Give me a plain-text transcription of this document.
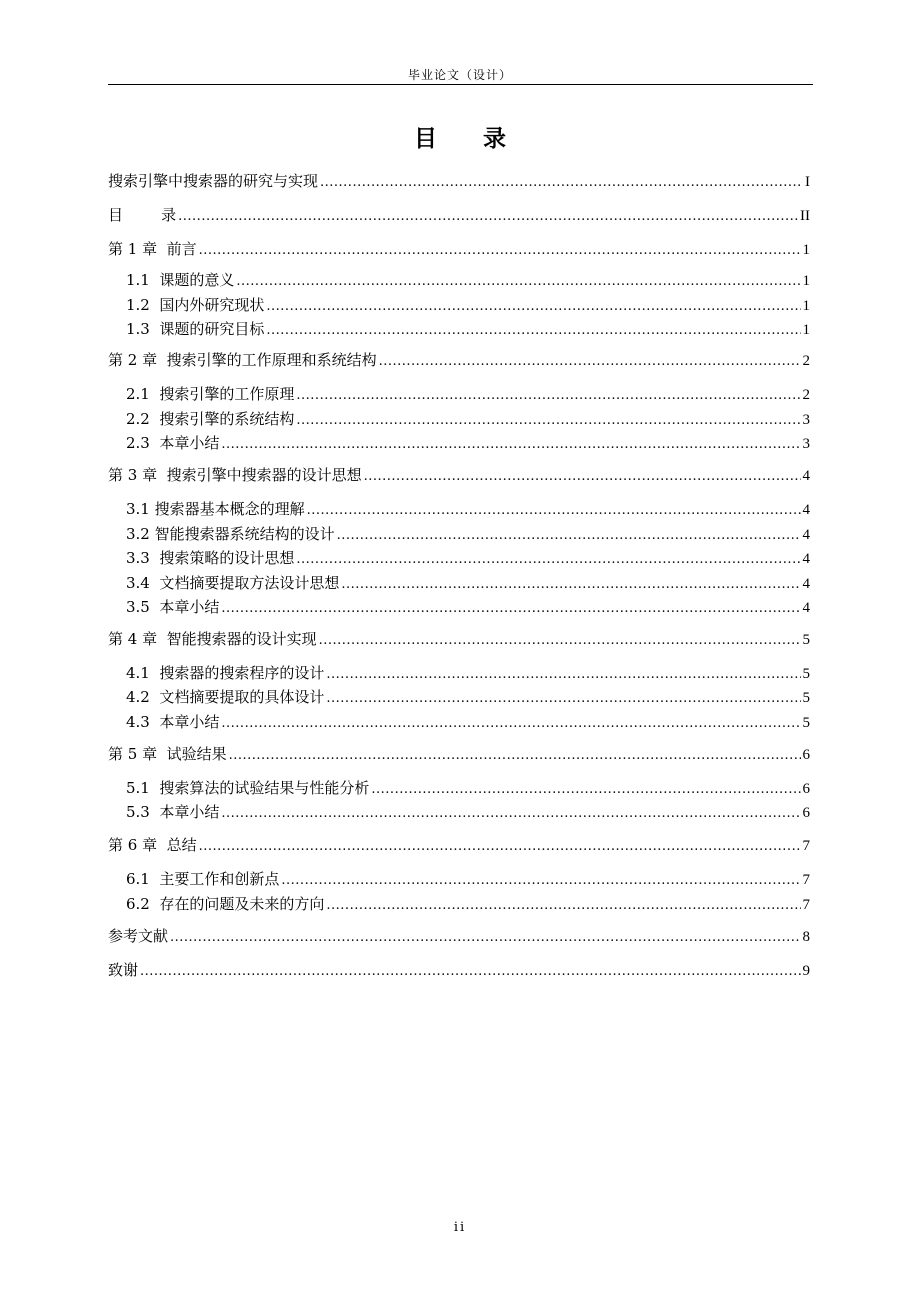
毕业论文（设计）
目 录
搜索引擎中搜索器的研究与实现 .....	I
目        录 .....	II
第 1 章  前言 .....	1
1.1  课题的意义 .....	1
1.2  国内外研究现状 .....	1
1.3  课题的研究目标 .....	1
第 2 章  搜索引擎的工作原理和系统结构 .....	2
2.1  搜索引擎的工作原理 .....	2
2.2  搜索引擎的系统结构 .....	3
2.3  本章小结 .....	3
第 3 章  搜索引擎中搜索器的设计思想 .....	4
3.1 搜索器基本概念的理解 .....	4
3.2 智能搜索器系统结构的设计 .....	4
3.3  搜索策略的设计思想 .....	4
3.4  文档摘要提取方法设计思想 .....	4
3.5  本章小结 .....	4
第 4 章  智能搜索器的设计实现 .....	5
4.1  搜索器的搜索程序的设计 .....	5
4.2  文档摘要提取的具体设计 .....	5
4.3  本章小结 .....	5
第 5 章  试验结果 .....	6
5.1  搜索算法的试验结果与性能分析 .....	6
5.3  本章小结 .....	6
第 6 章  总结 .....	7
6.1  主要工作和创新点 .....	7
6.2  存在的问题及未来的方向 .....	7
参考文献 .....	8
致谢 .....	9
ii
